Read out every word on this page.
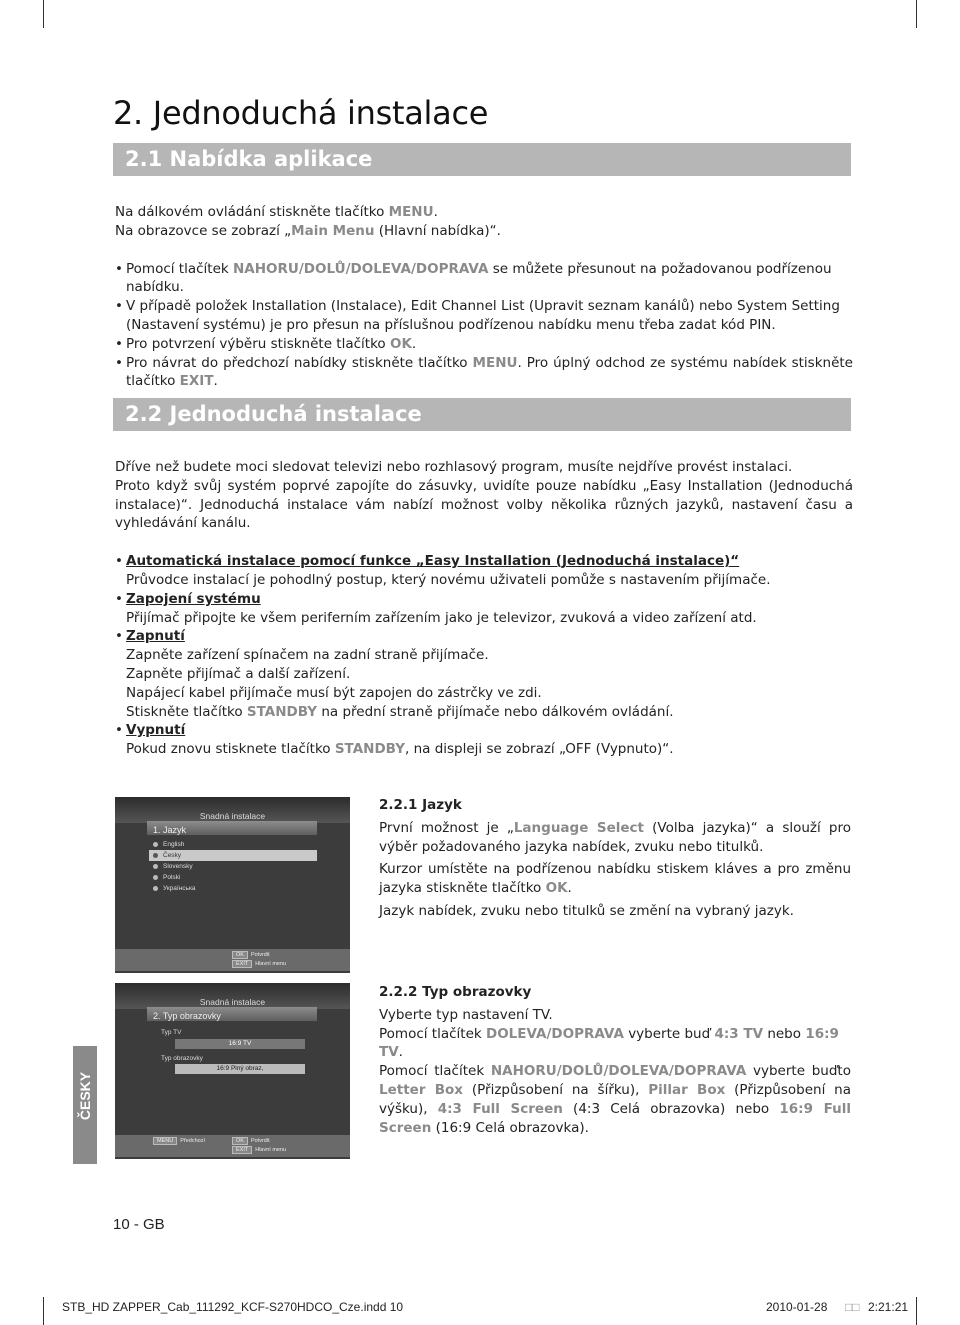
2. Jednoduchá instalace
2.1 Nabídka aplikace

Na dálkovém ovládání stiskněte tlačítko MENU.

Na obrazovce se zobrazí „Main Menu (Hlavní nabídka)“.

• Pomocí tlačítek NAHORU/DOLŮ/DOLEVA/DOPRAVA se můžete přesunout na požadovanou podřízenou nabídku.
• V případě položek Installation (Instalace), Edit Channel List (Upravit seznam kanálů) nebo System Setting (Nastavení systému) je pro přesun na příslušnou podřízenou nabídku menu třeba zadat kód PIN.
• Pro potvrzení výběru stiskněte tlačítko OK.
• Pro návrat do předchozí nabídky stiskněte tlačítko MENU. Pro úplný odchod ze systému nabídek stiskněte tlačítko EXIT.
2.2 Jednoduchá instalace

Dříve než budete moci sledovat televizi nebo rozhlasový program, musíte nejdříve provést instalaci.

Proto když svůj systém poprvé zapojíte do zásuvky, uvidíte pouze nabídku „Easy Installation (Jednoduchá instalace)“. Jednoduchá instalace vám nabízí možnost volby několika různých jazyků, nastavení času a vyhledávání kanálu.

• Automatická instalace pomocí funkce „Easy Installation (Jednoduchá instalace)“
Průvodce instalací je pohodlný postup, který novému uživateli pomůže s nastavením přijímače.
• Zapojení systému
Přijímač připojte ke všem periferním zařízením jako je televizor, zvuková a video zařízení atd.
• Zapnutí
Zapněte zařízení spínačem na zadní straně přijímače.
Zapněte přijímač a další zařízení.
Napájecí kabel přijímače musí být zapojen do zástrčky ve zdi.
Stiskněte tlačítko STANDBY na přední straně přijímače nebo dálkovém ovládání.
• Vypnutí
Pokud znovu stisknete tlačítko STANDBY, na displeji se zobrazí „OFF (Vypnuto)“.
Snadná instalace
1. Jazyk
English
Česky
Slovensky
Polski
Українська
OK Potvrdit
EXIT Hlavní menu
Snadná instalace
2. Typ obrazovky
Typ TV
16:9 TV
Typ obrazovky
16:9 Plný obraz,
MENU Předchozí	OK Potvrdit
EXIT Hlavní menu

2.2.1 Jazyk

První možnost je „Language Select (Volba jazyka)“ a slouží pro výběr požadovaného jazyka nabídek, zvuku nebo titulků.

Kurzor umístěte na podřízenou nabídku stiskem kláves a pro změnu jazyka stiskněte tlačítko OK.

Jazyk nabídek, zvuku nebo titulků se změní na vybraný jazyk.

2.2.2 Typ obrazovky

Vyberte typ nastavení TV.

Pomocí tlačítek DOLEVA/DOPRAVA vyberte buď 4:3 TV nebo 16:9 TV.

Pomocí tlačítek NAHORU/DOLŮ/DOLEVA/DOPRAVA vyberte buďto Letter Box (Přizpůsobení na šířku), Pillar Box (Přizpůsobení na výšku), 4:3 Full Screen (4:3 Celá obrazovka) nebo 16:9 Full Screen (16:9 Celá obrazovka).

ČESKY
10 - GB
STB_HD ZAPPER_Cab_111292_KCF-S270HDCO_Cze.indd 10	2010-01-28 □□ 2:21:21
